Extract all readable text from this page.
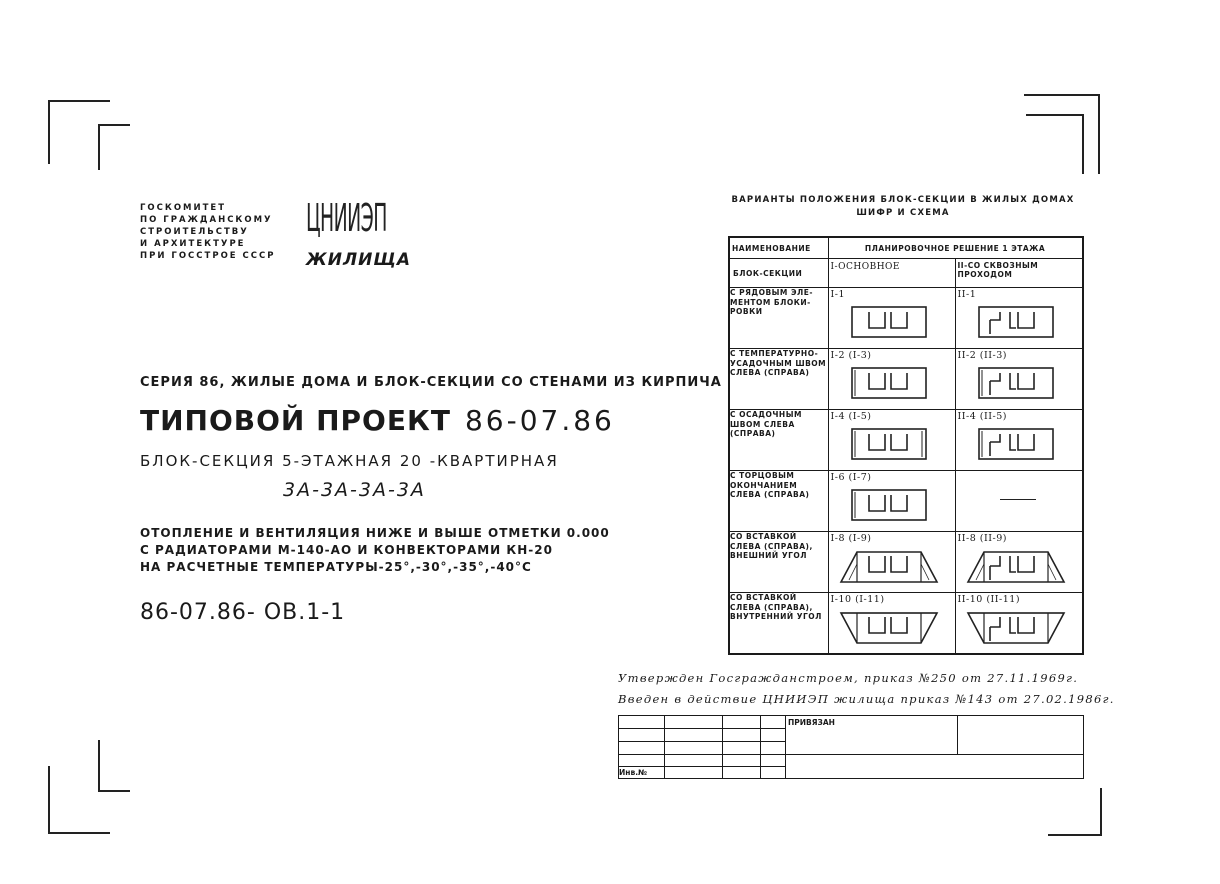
ГОСКОМИТЕТ
ПО ГРАЖДАНСКОМУ
СТРОИТЕЛЬСТВУ
И АРХИТЕКТУРЕ
ПРИ ГОССТРОЕ СССР
ЦНИИЭП
ЖИЛИЩА
СЕРИЯ 86, ЖИЛЫЕ ДОМА И БЛОК-СЕКЦИИ СО СТЕНАМИ ИЗ КИРПИЧА
ТИПОВОЙ ПРОЕКТ 86-07.86
БЛОК-СЕКЦИЯ 5-ЭТАЖНАЯ 20 -КВАРТИРНАЯ
3А-3А-3А-3А
ОТОПЛЕНИЕ И ВЕНТИЛЯЦИЯ НИЖЕ И ВЫШЕ ОТМЕТКИ 0.000
С РАДИАТОРАМИ М-140-АО И КОНВЕКТОРАМИ КН-20
НА РАСЧЕТНЫЕ ТЕМПЕРАТУРЫ-25°,-30°,-35°,-40°С
86-07.86- ОВ.1-1
ВАРИАНТЫ ПОЛОЖЕНИЯ БЛОК-СЕКЦИИ В ЖИЛЫХ ДОМАХ
ШИФР И СХЕМА
НАИМЕНОВАНИЕ	ПЛАНИРОВОЧНОЕ РЕШЕНИЕ 1 ЭТАЖА	
БЛОК-СЕКЦИИ	I-ОСНОВНОЕ	II-СО СКВОЗНЫМ ПРОХОДОМ
С РЯДОВЫМ ЭЛЕ-МЕНТОМ БЛОКИ-РОВКИ	I-1	II-1

С ТЕМПЕРАТУРНО-УСАДОЧНЫМ ШВОМ СЛЕВА (СПРАВА)	I-2 (I-3)	II-2 (II-3)

С ОСАДОЧНЫМ ШВОМ СЛЕВА (СПРАВА)	I-4 (I-5)	II-4 (II-5)

С ТОРЦОВЫМ ОКОНЧАНИЕМ СЛЕВА (СПРАВА)	I-6 (I-7)	

СО ВСТАВКОЙ СЛЕВА (СПРАВА), ВНЕШНИЙ УГОЛ	I-8 (I-9)	II-8 (II-9)

СО ВСТАВКОЙ СЛЕВА (СПРАВА), ВНУТРЕННИЙ УГОЛ	I-10 (I-11)	II-10 (II-11)
Утвержден Госгражданстроем, приказ №250 от 27.11.1969г.
Введен в действие ЦНИИЭП жилища приказ №143 от 27.02.1986г.
				ПРИВЯЗАН	

Инв.№					
